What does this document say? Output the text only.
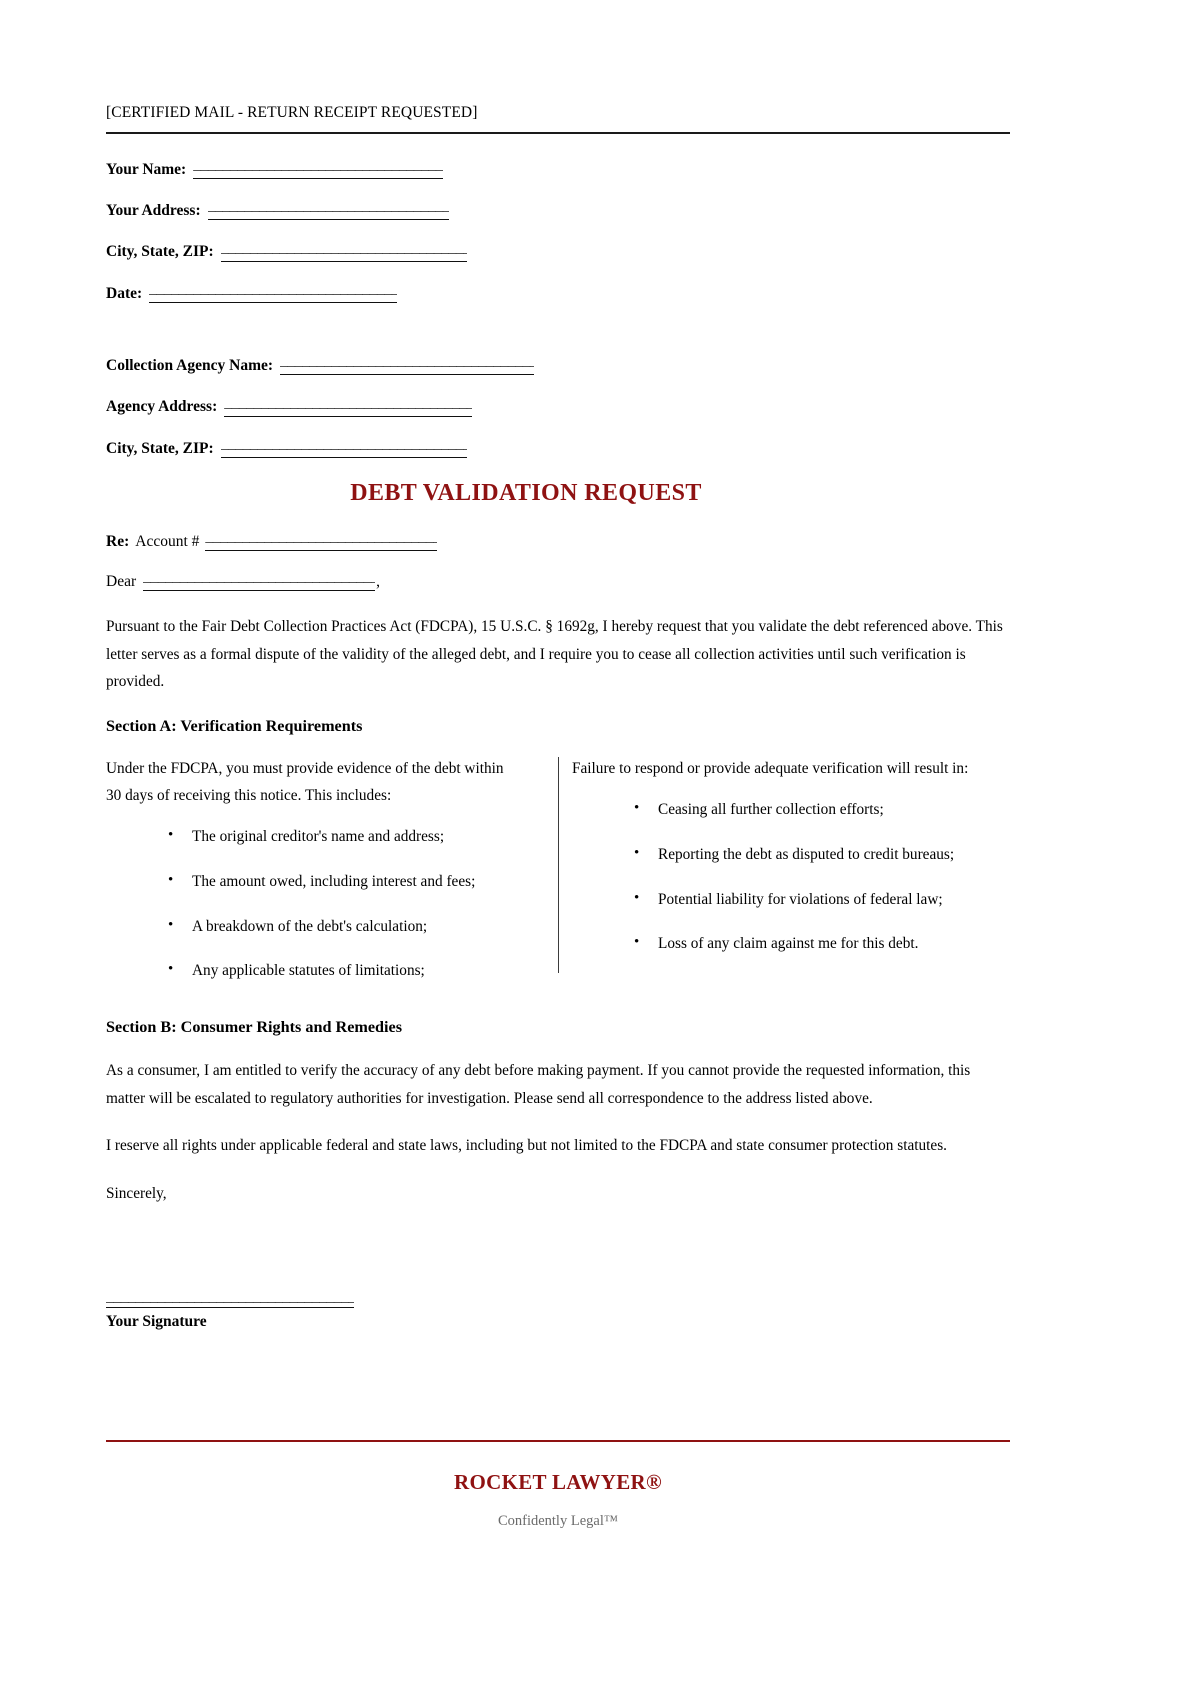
[CERTIFIED MAIL - RETURN RECEIPT REQUESTED]
Your Name:
_____
Your Address:
_____
City, State, ZIP:
_____
Date:
_____
Collection Agency Name:
_____
Agency Address:
_____
City, State, ZIP:
_____
DEBT VALIDATION REQUEST
Re: Account #
_____
Dear _____	,

Pursuant to the Fair Debt Collection Practices Act (FDCPA), 15 U.S.C. § 1692g, I hereby request that you validate the debt referenced above. This letter serves as a formal dispute of the validity of the alleged debt, and I require you to cease all collection activities until such verification is provided.

Section A: Verification Requirements

Under the FDCPA, you must provide evidence of the debt within 30 days of receiving this notice. This includes:

• The original creditor's name and address;
• The amount owed, including interest and fees;
• A breakdown of the debt's calculation;
• Any applicable statutes of limitations;

Failure to respond or provide adequate verification will result in:

• Ceasing all further collection efforts;
• Reporting the debt as disputed to credit bureaus;
• Potential liability for violations of federal law;
• Loss of any claim against me for this debt.
Section B: Consumer Rights and Remedies

As a consumer, I am entitled to verify the accuracy of any debt before making payment. If you cannot provide the requested information, this matter will be escalated to regulatory authorities for investigation. Please send all correspondence to the address listed above.

I reserve all rights under applicable federal and state laws, including but not limited to the FDCPA and state consumer protection statutes.

Sincerely,

_____
Your Signature
ROCKET LAWYER®
Confidently Legal™
